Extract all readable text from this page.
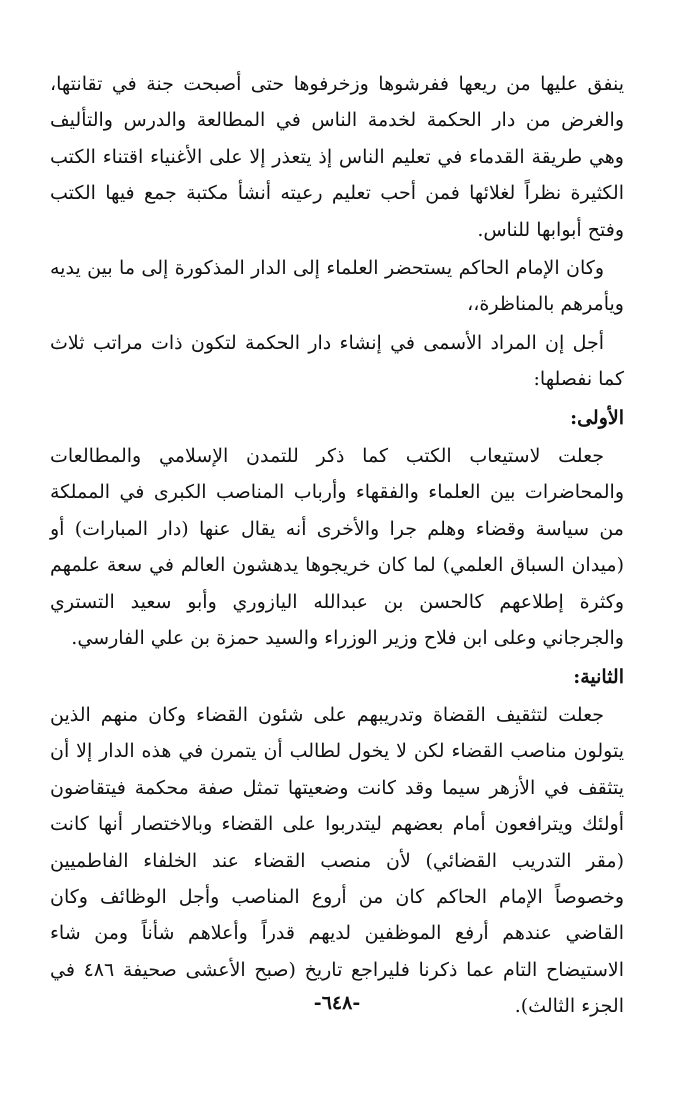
ينفق عليها من ريعها ففرشوها وزخرفوها حتى أصبحت جنة في تقانتها، والغرض من دار الحكمة لخدمة الناس في المطالعة والدرس والتأليف وهي طريقة القدماء في تعليم الناس إذ يتعذر إلا على الأغنياء اقتناء الكتب الكثيرة نظراً لغلائها فمن أحب تعليم رعيته أنشأ مكتبة جمع فيها الكتب وفتح أبوابها للناس.

وكان الإمام الحاكم يستحضر العلماء إلى الدار المذكورة إلى ما بين يديه ويأمرهم بالمناظرة،،

أجل إن المراد الأسمى في إنشاء دار الحكمة لتكون ذات مراتب ثلاث كما نفصلها:

الأولى:

جعلت لاستيعاب الكتب كما ذكر للتمدن الإسلامي والمطالعات والمحاضرات بين العلماء والفقهاء وأرباب المناصب الكبرى في المملكة من سياسة وقضاء وهلم جرا والأخرى أنه يقال عنها (دار المبارات) أو (ميدان السباق العلمي) لما كان خريجوها يدهشون العالم في سعة علمهم وكثرة إطلاعهم كالحسن بن عبدالله اليازوري وأبو سعيد التستري والجرجاني وعلى ابن فلاح وزير الوزراء والسيد حمزة بن علي الفارسي.

الثانية:

جعلت لتثقيف القضاة وتدريبهم على شئون القضاء وكان منهم الذين يتولون مناصب القضاء لكن لا يخول لطالب أن يتمرن في هذه الدار إلا أن يتثقف في الأزهر سيما وقد كانت وضعيتها تمثل صفة محكمة فيتقاضون أولئك ويترافعون أمام بعضهم ليتدربوا على القضاء وبالاختصار أنها كانت (مقر التدريب القضائي) لأن منصب القضاء عند الخلفاء الفاطميين وخصوصاً الإمام الحاكم كان من أروع المناصب وأجل الوظائف وكان القاضي عندهم أرفع الموظفين لديهم قدراً وأعلاهم شأناً ومن شاء الاستيضاح التام عما ذكرنا فليراجع تاريخ (صبح الأعشى صحيفة ٤٨٦ في الجزء الثالث).

-٦٤٨-
